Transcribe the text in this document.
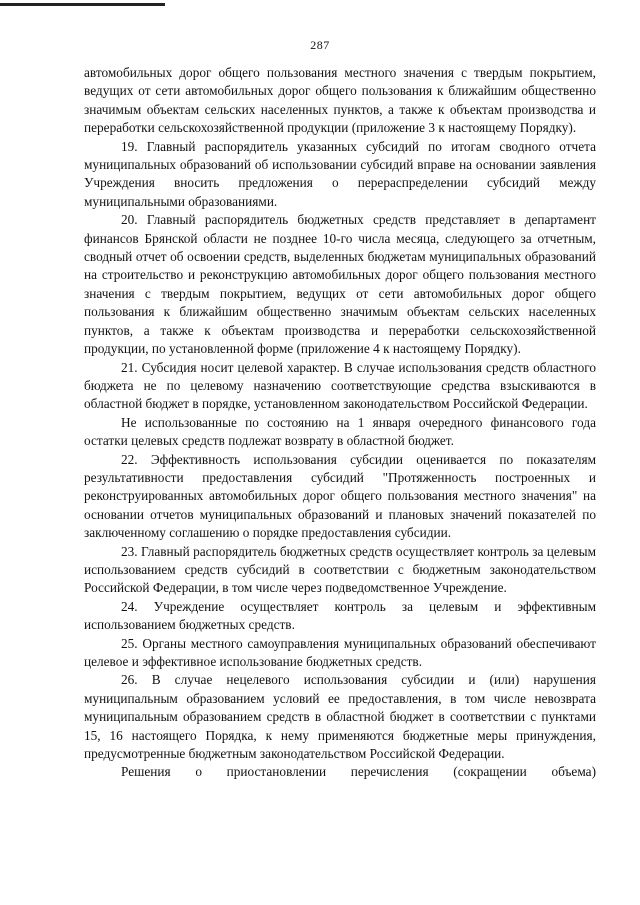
287

автомобильных дорог общего пользования местного значения с твердым покрытием, ведущих от сети автомобильных дорог общего пользования к ближайшим общественно значимым объектам сельских населенных пунктов, а также к объектам производства и переработки сельскохозяйственной продукции (приложение 3 к настоящему Порядку).

19. Главный распорядитель указанных субсидий по итогам сводного отчета муниципальных образований об использовании субсидий вправе на основании заявления Учреждения вносить предложения о перераспределении субсидий между муниципальными образованиями.

20. Главный распорядитель бюджетных средств представляет в департамент финансов Брянской области не позднее 10-го числа месяца, следующего за отчетным, сводный отчет об освоении средств, выделенных бюджетам муниципальных образований на строительство и реконструкцию автомобильных дорог общего пользования местного значения с твердым покрытием, ведущих от сети автомобильных дорог общего пользования к ближайшим общественно значимым объектам сельских населенных пунктов, а также к объектам производства и переработки сельскохозяйственной продукции, по установленной форме (приложение 4 к настоящему Порядку).

21. Субсидия носит целевой характер. В случае использования средств областного бюджета не по целевому назначению соответствующие средства взыскиваются в областной бюджет в порядке, установленном законодательством Российской Федерации.

Не использованные по состоянию на 1 января очередного финансового года остатки целевых средств подлежат возврату в областной бюджет.

22. Эффективность использования субсидии оценивается по показателям результативности предоставления субсидий "Протяженность построенных и реконструированных автомобильных дорог общего пользования местного значения" на основании отчетов муниципальных образований и плановых значений показателей по заключенному соглашению о порядке предоставления субсидии.

23. Главный распорядитель бюджетных средств осуществляет контроль за целевым использованием средств субсидий в соответствии с бюджетным законодательством Российской Федерации, в том числе через подведомственное Учреждение.

24. Учреждение осуществляет контроль за целевым и эффективным использованием бюджетных средств.

25. Органы местного самоуправления муниципальных образований обеспечивают целевое и эффективное использование бюджетных средств.

26. В случае нецелевого использования субсидии и (или) нарушения муниципальным образованием условий ее предоставления, в том числе невозврата муниципальным образованием средств в областной бюджет в соответствии с пунктами 15, 16 настоящего Порядка, к нему применяются бюджетные меры принуждения, предусмотренные бюджетным законодательством Российской Федерации.

Решения о приостановлении перечисления (сокращении объема)
